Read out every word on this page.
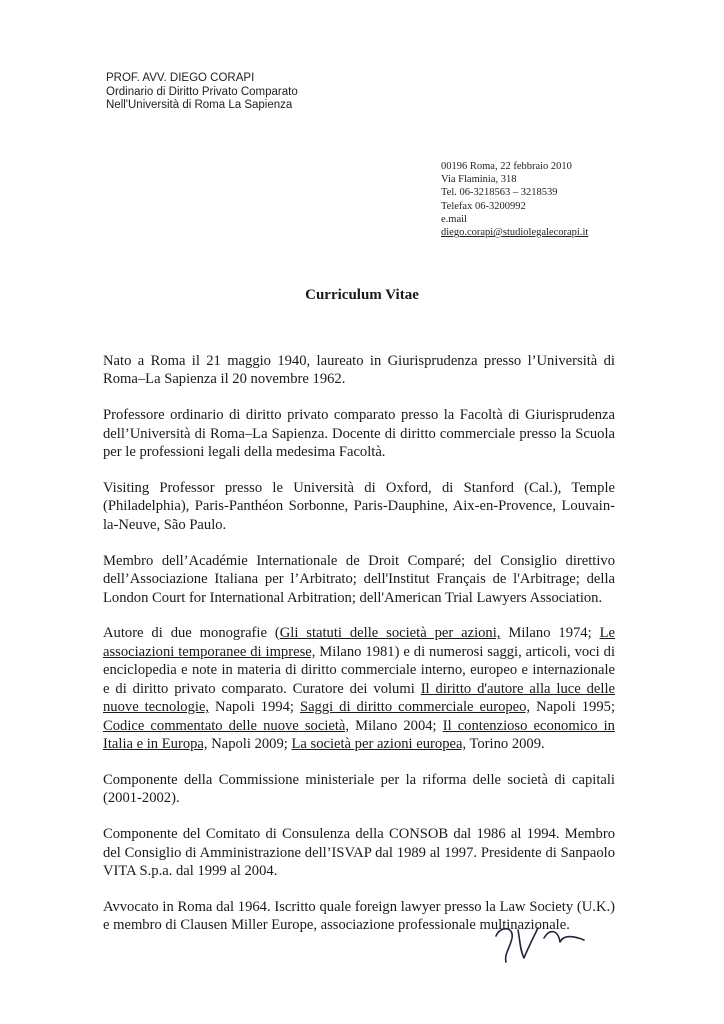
PROF. AVV. DIEGO CORAPI
Ordinario di Diritto Privato Comparato
Nell'Università di Roma La Sapienza
00196 Roma, 22 febbraio 2010
Via Flaminia, 318
Tel. 06-3218563 – 3218539
Telefax 06-3200992
e.mail
diego.corapi@studiolegalecorapi.it
Curriculum Vitae

Nato a Roma il 21 maggio 1940, laureato in Giurisprudenza presso l’Università di Roma–La Sapienza il 20 novembre 1962.

Professore ordinario di diritto privato comparato presso la Facoltà di Giurisprudenza dell’Università di Roma–La Sapienza. Docente di diritto commerciale presso la Scuola per le professioni legali della medesima Facoltà.

Visiting Professor presso le Università di Oxford, di Stanford (Cal.), Temple (Philadelphia), Paris-Panthéon Sorbonne, Paris-Dauphine, Aix-en-Provence, Louvain-la-Neuve, São Paulo.

Membro dell’Académie Internationale de Droit Comparé; del Consiglio direttivo dell’Associazione Italiana per l’Arbitrato; dell'Institut Français de l'Arbitrage; della London Court for International Arbitration; dell'American Trial Lawyers Association.

Autore di due monografie (Gli statuti delle società per azioni, Milano 1974; Le associazioni temporanee di imprese, Milano 1981) e di numerosi saggi, articoli, voci di enciclopedia e note in materia di diritto commerciale interno, europeo e internazionale e di diritto privato comparato. Curatore dei volumi Il diritto d'autore alla luce delle nuove tecnologie, Napoli 1994; Saggi di diritto commerciale europeo, Napoli 1995; Codice commentato delle nuove società, Milano 2004; Il contenzioso economico in Italia e in Europa, Napoli 2009; La società per azioni europea, Torino 2009.

Componente della Commissione ministeriale per la riforma delle società di capitali (2001-2002).

Componente del Comitato di Consulenza della CONSOB dal 1986 al 1994. Membro del Consiglio di Amministrazione dell’ISVAP dal 1989 al 1997. Presidente di Sanpaolo VITA S.p.a. dal 1999 al 2004.

Avvocato in Roma dal 1964. Iscritto quale foreign lawyer presso la Law Society (U.K.) e membro di Clausen Miller Europe, associazione professionale multinazionale.
